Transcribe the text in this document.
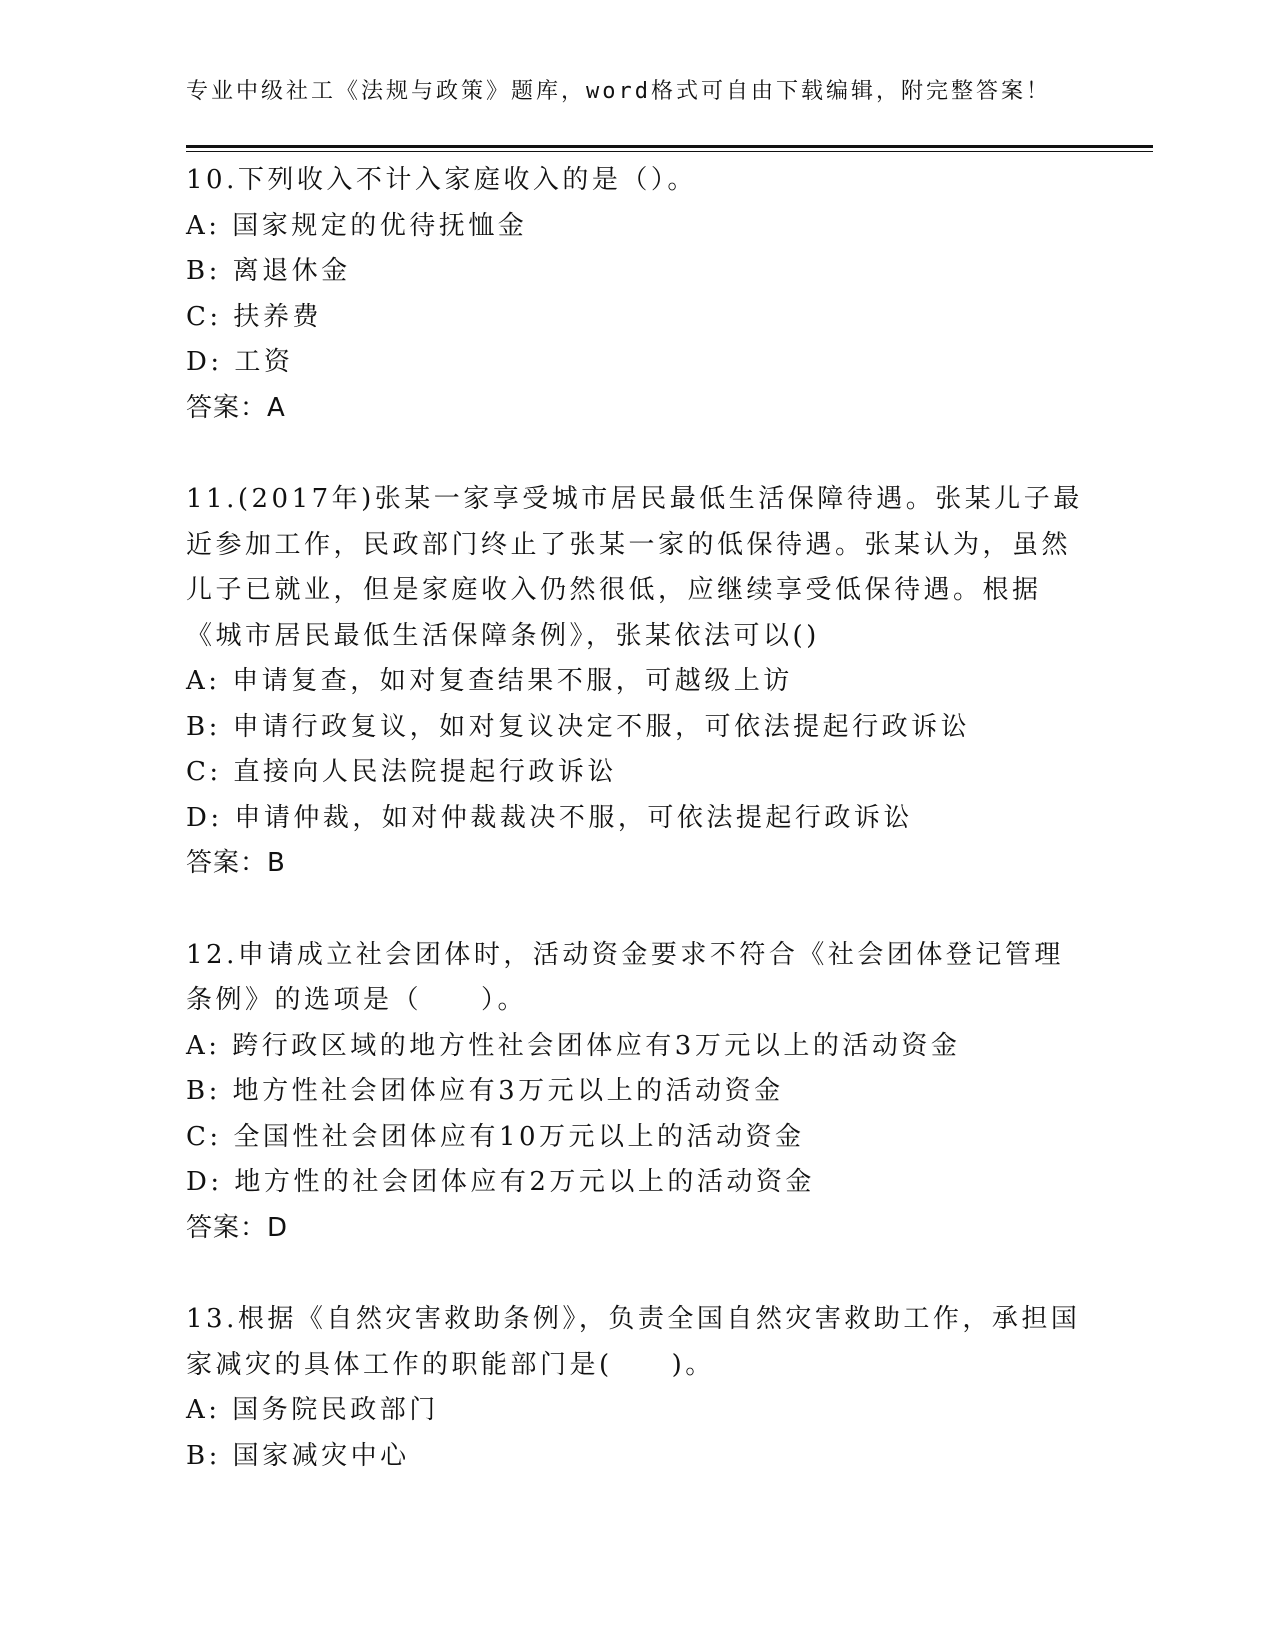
专业中级社工《法规与政策》题库，word格式可自由下载编辑，附完整答案！
10.下列收入不计入家庭收入的是（）。
A: 国家规定的优待抚恤金
B: 离退休金
C: 扶养费
D: 工资
答案：A
11.(2017年)张某一家享受城市居民最低生活保障待遇。张某儿子最近参加工作，民政部门终止了张某一家的低保待遇。张某认为，虽然儿子已就业，但是家庭收入仍然很低，应继续享受低保待遇。根据《城市居民最低生活保障条例》，张某依法可以()
A: 申请复查，如对复查结果不服，可越级上访
B: 申请行政复议，如对复议决定不服，可依法提起行政诉讼
C: 直接向人民法院提起行政诉讼
D: 申请仲裁，如对仲裁裁决不服，可依法提起行政诉讼
答案：B
12.申请成立社会团体时，活动资金要求不符合《社会团体登记管理条例》的选项是（　　）。
A: 跨行政区域的地方性社会团体应有3万元以上的活动资金
B: 地方性社会团体应有3万元以上的活动资金
C: 全国性社会团体应有10万元以上的活动资金
D: 地方性的社会团体应有2万元以上的活动资金
答案：D
13.根据《自然灾害救助条例》，负责全国自然灾害救助工作，承担国家减灾的具体工作的职能部门是(　　)。
A: 国务院民政部门
B: 国家减灾中心
